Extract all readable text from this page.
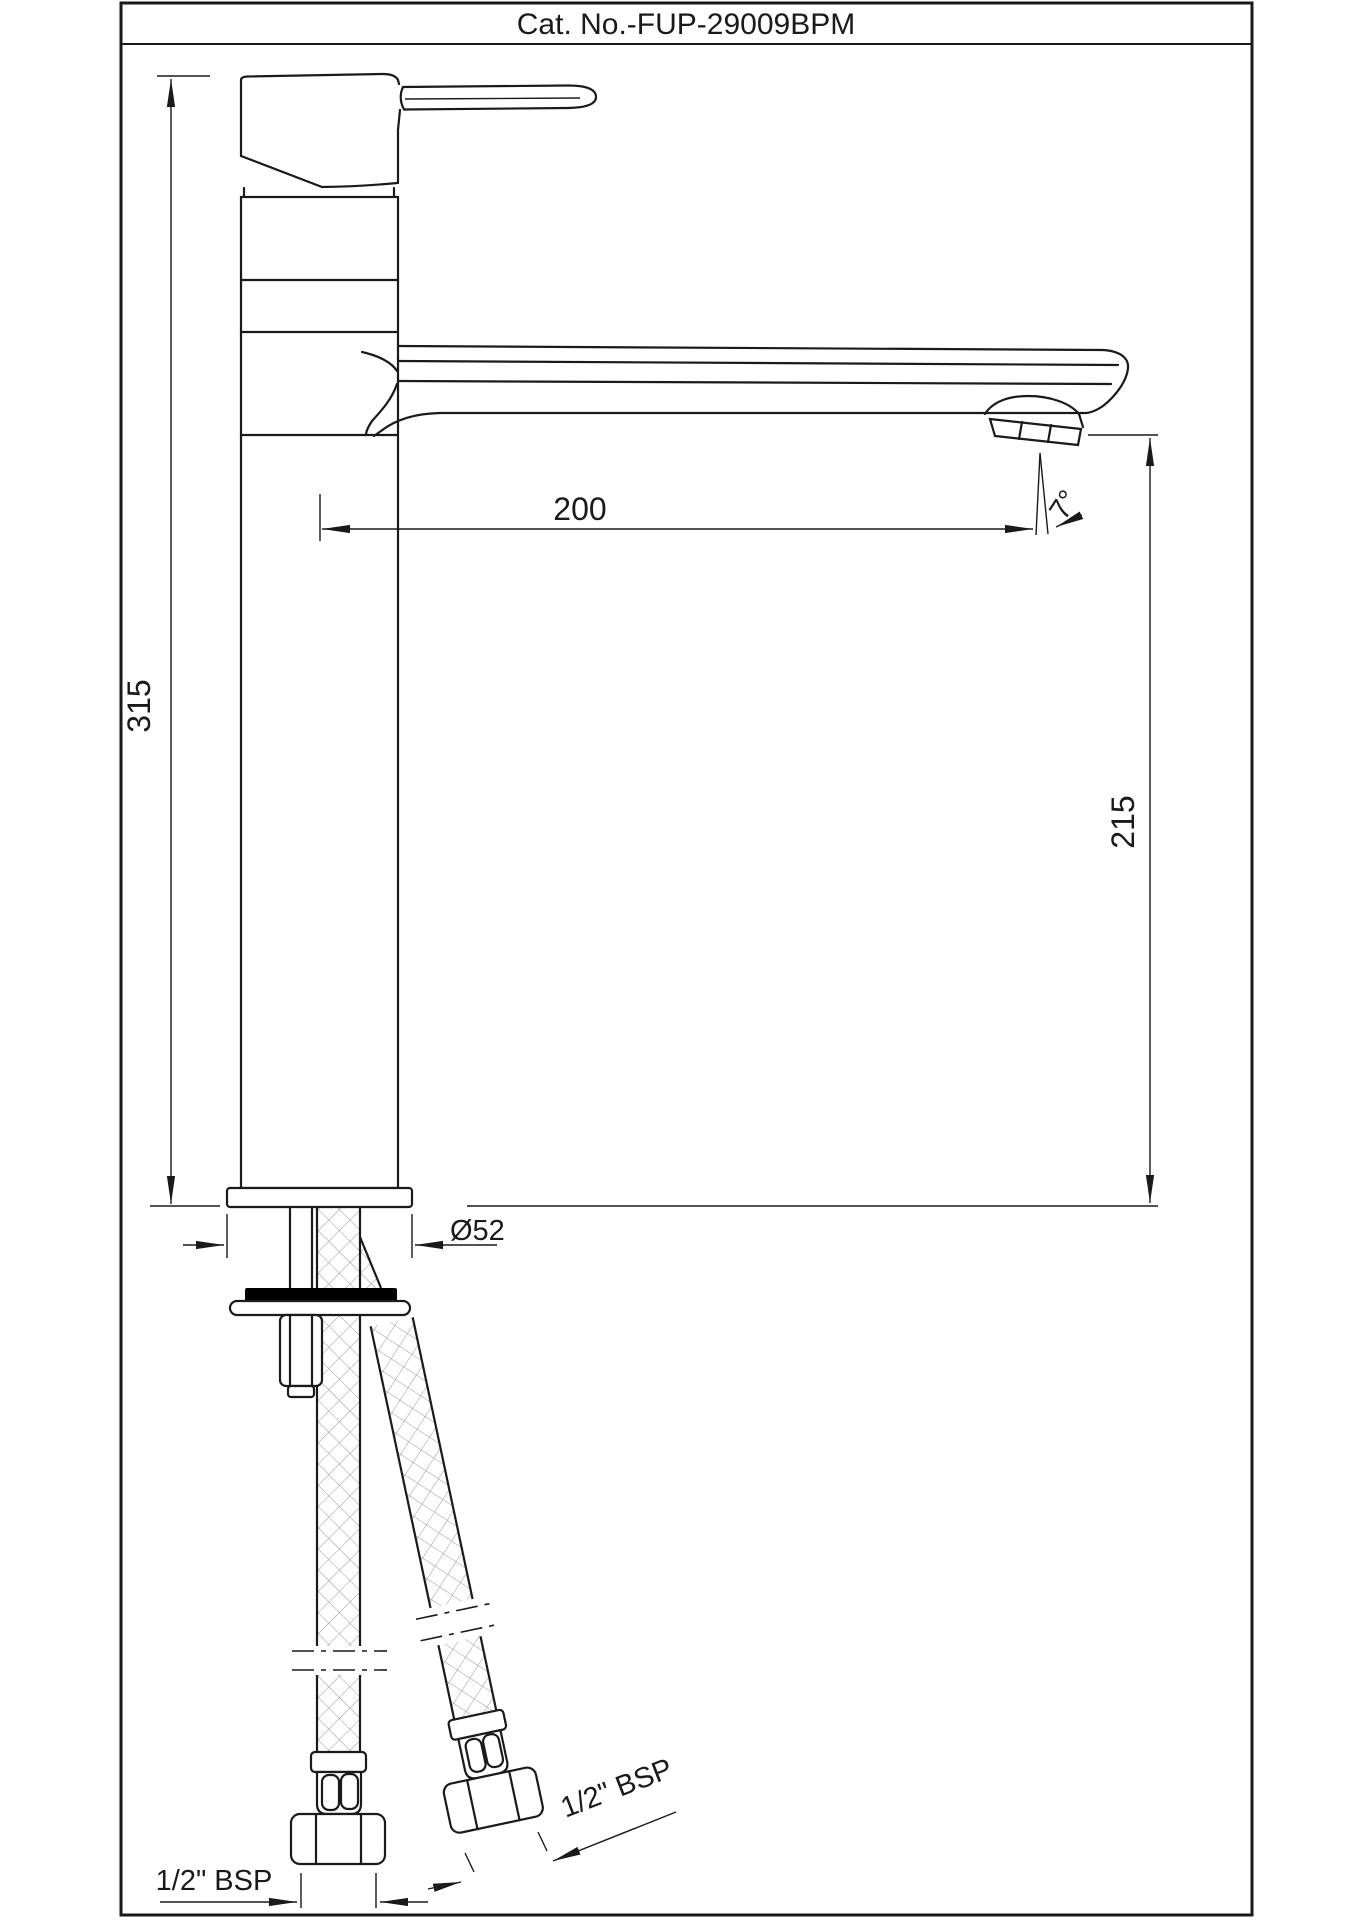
Cat. No.-FUP-29009BPM
315
200	7°
215
Ø52
1/2" BSP
1/2" BSP
